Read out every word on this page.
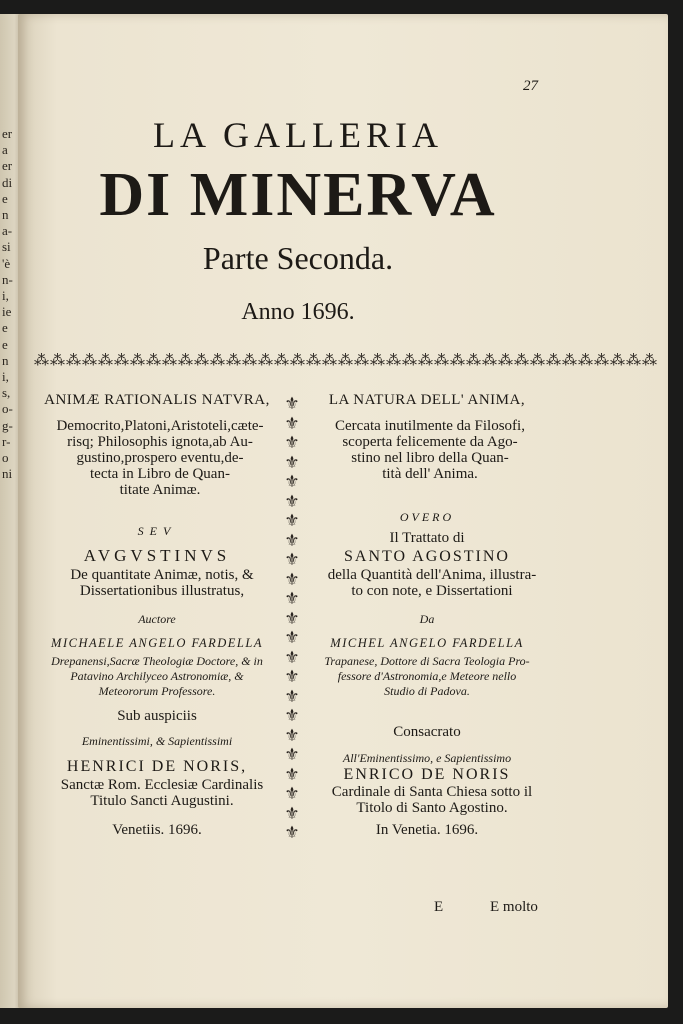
er
a
er
di
e
n
a-
si
'è
n-
i,
ie
e
e
n
i,
s,
o-
g-
r-
o
ni
27
LA GALLERIA
DI MINERVA
Parte Seconda.
Anno 1696.
⁂⁂⁂⁂⁂⁂⁂⁂⁂⁂⁂⁂⁂⁂⁂⁂⁂⁂⁂⁂⁂⁂⁂⁂⁂⁂⁂⁂⁂⁂⁂⁂⁂⁂⁂⁂⁂⁂⁂
⚜
⚜
⚜
⚜
⚜
⚜
⚜
⚜
⚜
⚜
⚜
⚜
⚜
⚜
⚜
⚜
⚜
⚜
⚜
⚜
⚜
⚜
⚜
ANIMÆ RATIONALIS NATVRA,
Democrito,Platoni,Aristoteli,cæte-
risq; Philosophis ignota,ab Au-
gustino,prospero eventu,de-
tecta in Libro de Quan-
titate Animæ.
SEV
AVGVSTINVS
De quantitate Animæ, notis, &
Dissertationibus illustratus,
Auctore
MICHAELE ANGELO FARDELLA
Drepanensi,Sacræ Theologiæ Doctore, & in
Patavino Archilyceo Astronomiæ, &
Meteororum Professore.
Sub auspiciis
Eminentissimi, & Sapientissimi
HENRICI DE NORIS,
Sanctæ Rom. Ecclesiæ Cardinalis
Titulo Sancti Augustini.
Venetiis. 1696.
LA NATURA DELL' ANIMA,
Cercata inutilmente da Filosofi,
scoperta felicemente da Ago-
stino nel libro della Quan-
tità dell' Anima.
OVERO
Il Trattato di
SANTO AGOSTINO
della Quantità dell'Anima, illustra-
to con note, e Dissertationi
Da
MICHEL ANGELO FARDELLA
Trapanese, Dottore di Sacra Teologia Pro-
fessore d'Astronomia,e Meteore nello
Studio di Padova.
Consacrato
All'Eminentissimo, e Sapientissimo
ENRICO DE NORIS
Cardinale di Santa Chiesa sotto il
Titolo di Santo Agostino.
In Venetia. 1696.
E	E molto
